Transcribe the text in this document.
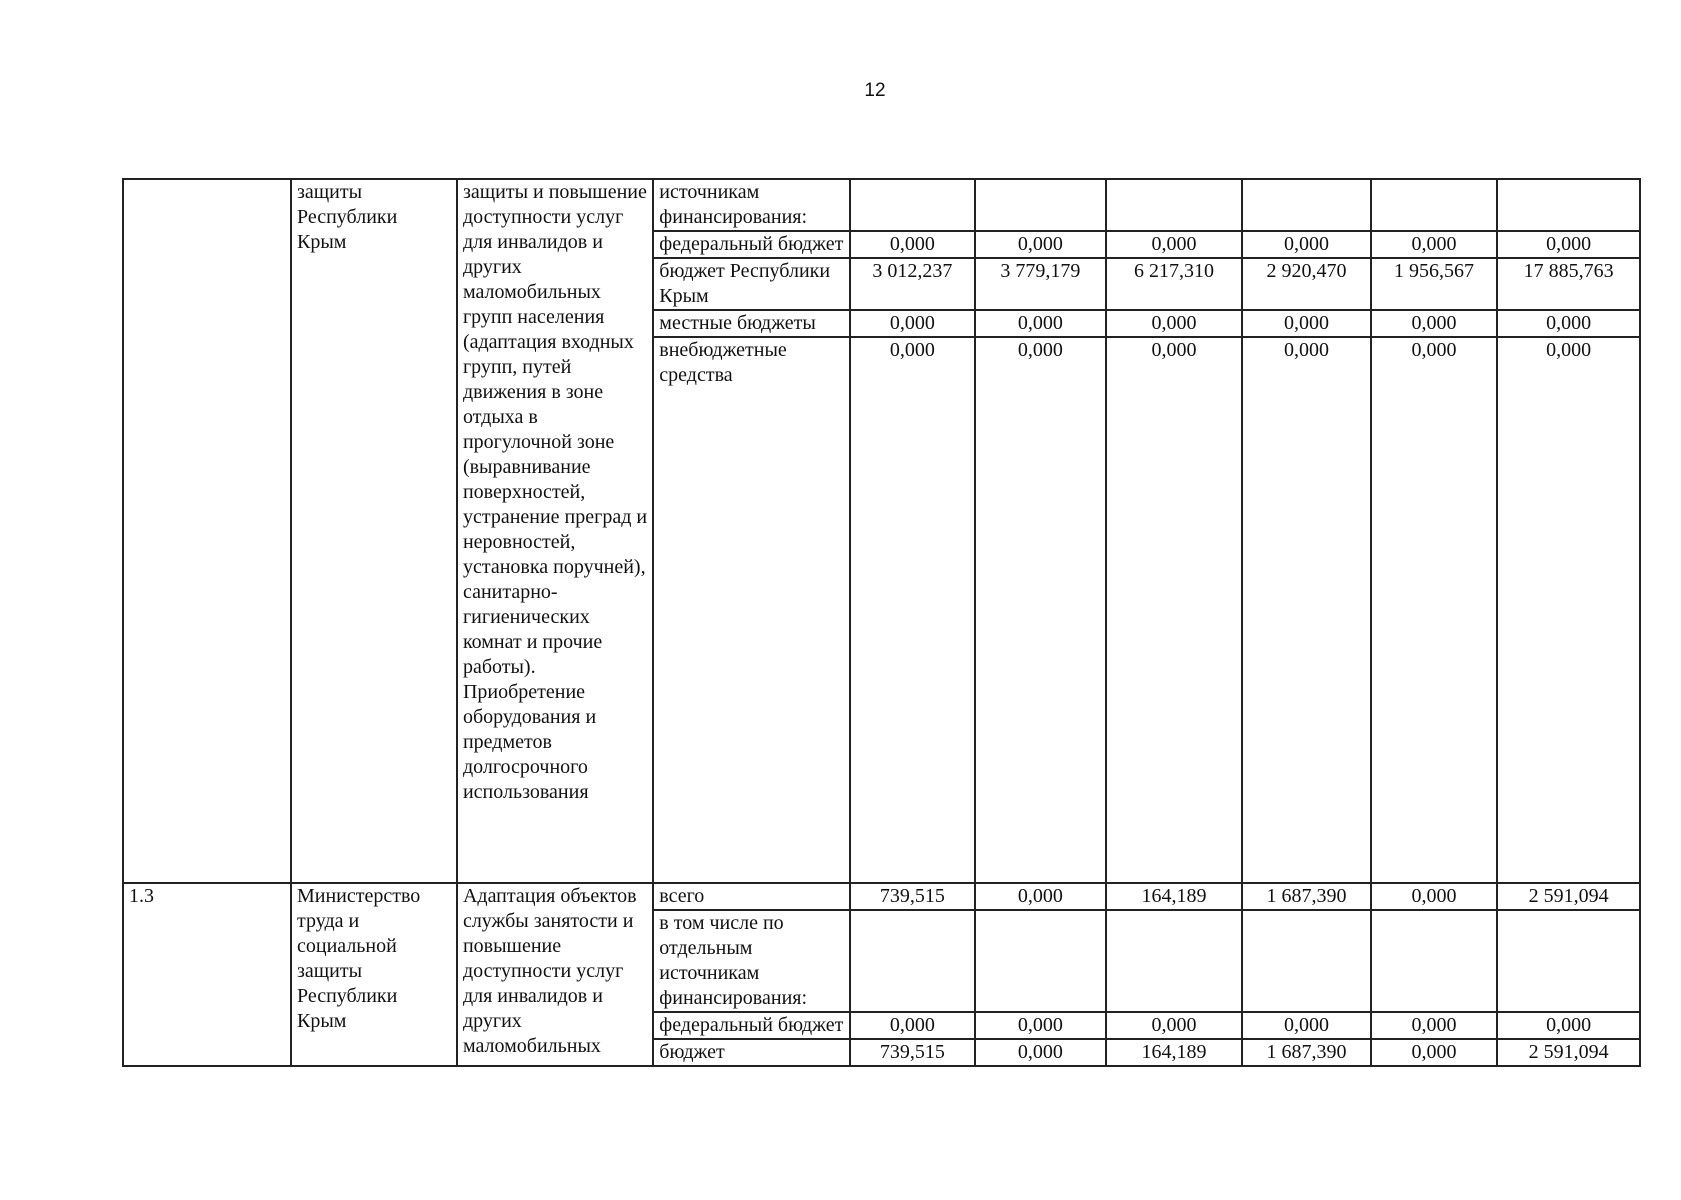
12
	защиты Республики Крым	защиты и повышение доступности услуг для инвалидов и других маломобильных групп населения (адаптация входных групп, путей движения в зоне отдыха в прогулочной зоне (выравнивание поверхностей, устранение преград и неровностей, установка поручней), санитарно-гигиенических комнат и прочие работы). Приобретение оборудования и предметов долгосрочного использования	источникам финансирования:						
			федеральный бюджет	0,000	0,000	0,000	0,000	0,000	0,000
			бюджет Республики Крым	3 012,237	3 779,179	6 217,310	2 920,470	1 956,567	17 885,763
			местные бюджеты	0,000	0,000	0,000	0,000	0,000	0,000
			внебюджетные средства	0,000	0,000	0,000	0,000	0,000	0,000
1.3	Министерство труда и социальной защиты Республики Крым	Адаптация объектов службы занятости и повышение доступности услуг для инвалидов и других маломобильных	всего	739,515	0,000	164,189	1 687,390	0,000	2 591,094
			в том числе по отдельным источникам финансирования:						
			федеральный бюджет	0,000	0,000	0,000	0,000	0,000	0,000
			бюджет	739,515	0,000	164,189	1 687,390	0,000	2 591,094
